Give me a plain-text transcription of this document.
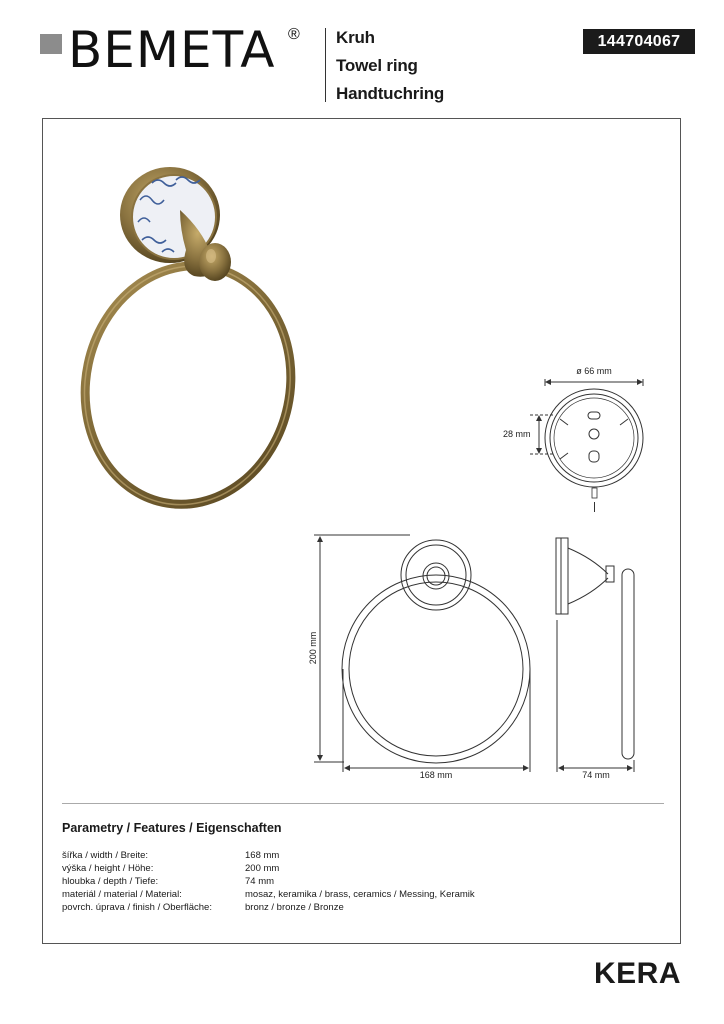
BEMETA ® Kruh
Towel ring
Handtuchring
144704067
ø 66 mm
28 mm
200 mm
168 mm	74 mm
Parametry / Features / Eigenschaften
šířka / width / Breite:	168 mm
výška / height / Höhe:	200 mm
hloubka / depth / Tiefe:	74 mm
materiál / material / Material:	mosaz, keramika / brass, ceramics / Messing, Keramik
povrch. úprava / finish / Oberfläche:	bronz / bronze / Bronze
KERA
